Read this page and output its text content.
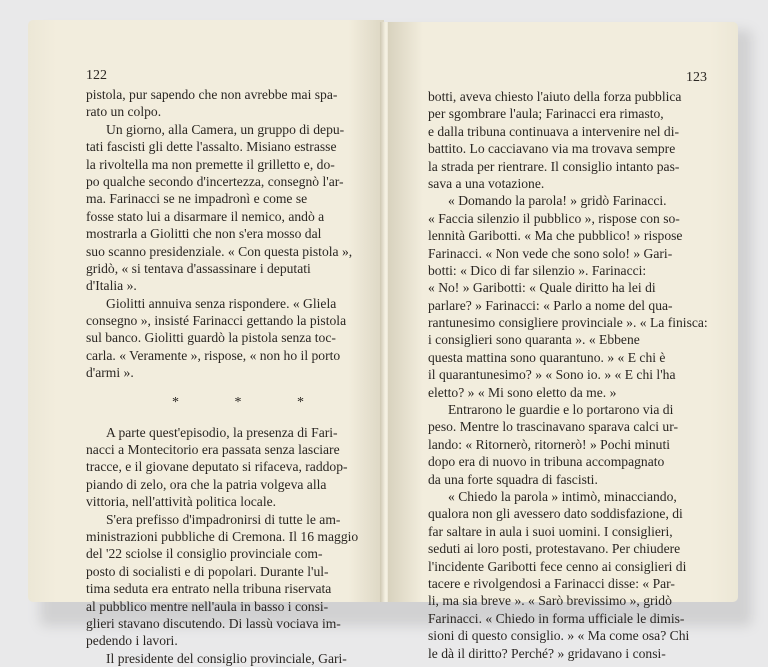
122
pistola, pur sapendo che non avrebbe mai spa-
rato un colpo.
Un giorno, alla Camera, un gruppo di depu-
tati fascisti gli dette l'assalto. Misiano estrasse
la rivoltella ma non premette il grilletto e, do-
po qualche secondo d'incertezza, consegnò l'ar-
ma. Farinacci se ne impadronì e come se
fosse stato lui a disarmare il nemico, andò a
mostrarla a Giolitti che non s'era mosso dal
suo scanno presidenziale. « Con questa pistola »,
gridò, « si tentava d'assassinare i deputati
d'Italia ».
Giolitti annuiva senza rispondere. « Gliela
consegno », insisté Farinacci gettando la pistola
sul banco. Giolitti guardò la pistola senza toc-
carla. « Veramente », rispose, « non ho il porto
d'armi ».
* * *
A parte quest'episodio, la presenza di Fari-
nacci a Montecitorio era passata senza lasciare
tracce, e il giovane deputato si rifaceva, raddop-
piando di zelo, ora che la patria volgeva alla
vittoria, nell'attività politica locale.
S'era prefisso d'impadronirsi di tutte le am-
ministrazioni pubbliche di Cremona. Il 16 maggio
del '22 sciolse il consiglio provinciale com-
posto di socialisti e di popolari. Durante l'ul-
tima seduta era entrato nella tribuna riservata
al pubblico mentre nell'aula in basso i consi-
glieri stavano discutendo. Di lassù vociava im-
pedendo i lavori.
Il presidente del consiglio provinciale, Gari-
123
botti, aveva chiesto l'aiuto della forza pubblica
per sgombrare l'aula; Farinacci era rimasto,
e dalla tribuna continuava a intervenire nel di-
battito. Lo cacciavano via ma trovava sempre
la strada per rientrare. Il consiglio intanto pas-
sava a una votazione.
« Domando la parola! » gridò Farinacci.
« Faccia silenzio il pubblico », rispose con so-
lennità Garibotti. « Ma che pubblico! » rispose
Farinacci. « Non vede che sono solo! » Gari-
botti: « Dico di far silenzio ». Farinacci:
« No! » Garibotti: « Quale diritto ha lei di
parlare? » Farinacci: « Parlo a nome del qua-
rantunesimo consigliere provinciale ». « La finisca:
i consiglieri sono quaranta ». « Ebbene
questa mattina sono quarantuno. » « E chi è
il quarantunesimo? » « Sono io. » « E chi l'ha
eletto? » « Mi sono eletto da me. »
Entrarono le guardie e lo portarono via di
peso. Mentre lo trascinavano sparava calci ur-
lando: « Ritornerò, ritornerò! » Pochi minuti
dopo era di nuovo in tribuna accompagnato
da una forte squadra di fascisti.
« Chiedo la parola » intimò, minacciando,
qualora non gli avessero dato soddisfazione, di
far saltare in aula i suoi uomini. I consiglieri,
seduti ai loro posti, protestavano. Per chiudere
l'incidente Garibotti fece cenno ai consiglieri di
tacere e rivolgendosi a Farinacci disse: « Par-
li, ma sia breve ». « Sarò brevissimo », gridò
Farinacci. « Chiedo in forma ufficiale le dimis-
sioni di questo consiglio. » « Ma come osa? Chi
le dà il diritto? Perché? » gridavano i consi-
